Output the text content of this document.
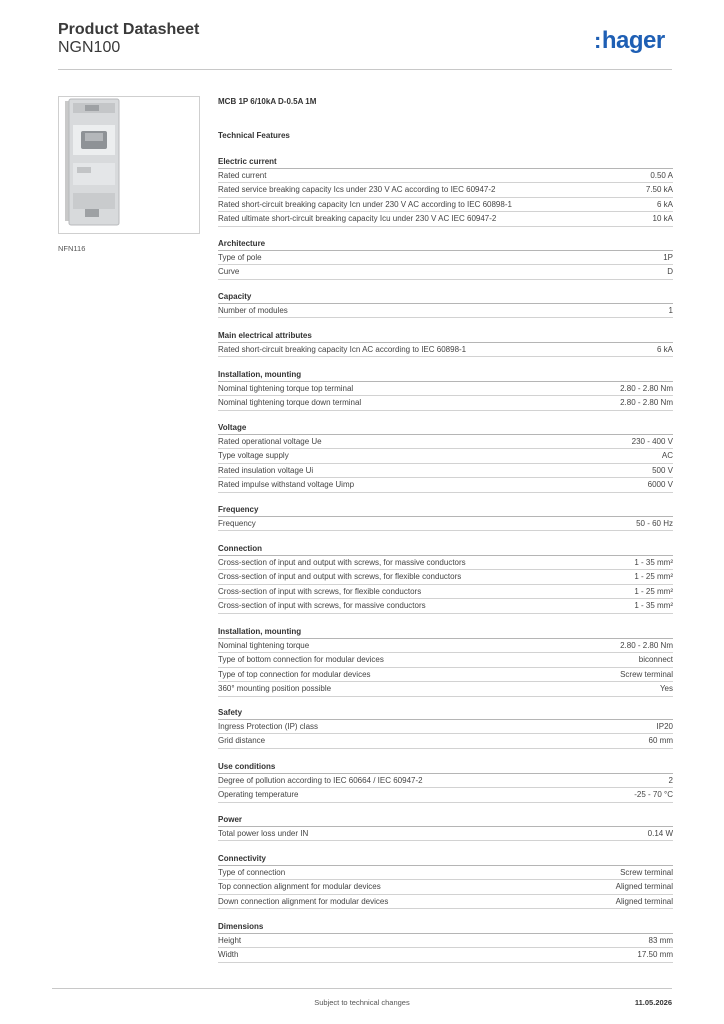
Product Datasheet
NGN100	:hager
NFN116
MCB 1P 6/10kA D-0.5A 1M
Technical Features
Electric current
Rated current	0.50 A
Rated service breaking capacity Ics under 230 V AC according to IEC 60947-2	7.50 kA
Rated short-circuit breaking capacity Icn under 230 V AC according to IEC 60898-1	6 kA
Rated ultimate short-circuit breaking capacity Icu under 230 V AC IEC 60947-2	10 kA
Architecture
Type of pole	1P
Curve	D
Capacity
Number of modules	1
Main electrical attributes
Rated short-circuit breaking capacity Icn AC according to IEC 60898-1	6 kA
Installation, mounting
Nominal tightening torque top terminal	2.80 - 2.80 Nm
Nominal tightening torque down terminal	2.80 - 2.80 Nm
Voltage
Rated operational voltage Ue	230 - 400 V
Type voltage supply	AC
Rated insulation voltage Ui	500 V
Rated impulse withstand voltage Uimp	6000 V
Frequency
Frequency	50 - 60 Hz
Connection
Cross-section of input and output with screws, for massive conductors	1 - 35 mm²
Cross-section of input and output with screws, for flexible conductors	1 - 25 mm²
Cross-section of input with screws, for flexible conductors	1 - 25 mm²
Cross-section of input with screws, for massive conductors	1 - 35 mm²
Installation, mounting
Nominal tightening torque	2.80 - 2.80 Nm
Type of bottom connection for modular devices	biconnect
Type of top connection for modular devices	Screw terminal
360° mounting position possible	Yes
Safety
Ingress Protection (IP) class	IP20
Grid distance	60 mm
Use conditions
Degree of pollution according to IEC 60664 / IEC 60947-2	2
Operating temperature	-25 - 70 °C
Power
Total power loss under IN	0.14 W
Connectivity
Type of connection	Screw terminal
Top connection alignment for modular devices	Aligned terminal
Down connection alignment for modular devices	Aligned terminal
Dimensions
Height	83 mm
Width	17.50 mm
Subject to technical changes	11.05.2026
